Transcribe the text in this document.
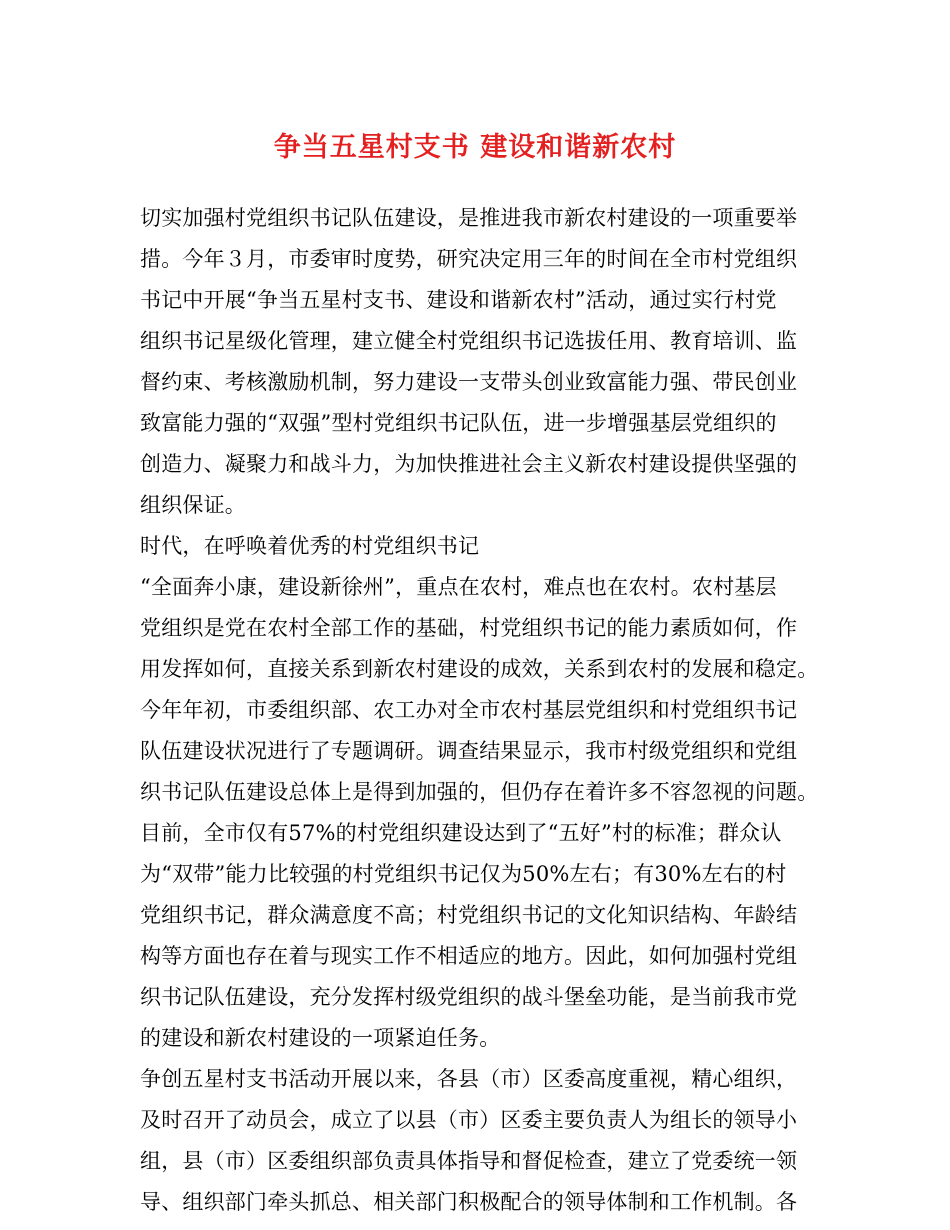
争当五星村支书 建设和谐新农村
切实加强村党组织书记队伍建设，是推进我市新农村建设的一项重要举
措。今年３月，市委审时度势，研究决定用三年的时间在全市村党组织
书记中开展“争当五星村支书、建设和谐新农村”活动，通过实行村党
组织书记星级化管理，建立健全村党组织书记选拔任用、教育培训、监
督约束、考核激励机制，努力建设一支带头创业致富能力强、带民创业
致富能力强的“双强”型村党组织书记队伍，进一步增强基层党组织的
创造力、凝聚力和战斗力，为加快推进社会主义新农村建设提供坚强的
组织保证。
时代，在呼唤着优秀的村党组织书记
“全面奔小康，建设新徐州”，重点在农村，难点也在农村。农村基层
党组织是党在农村全部工作的基础，村党组织书记的能力素质如何，作
用发挥如何，直接关系到新农村建设的成效，关系到农村的发展和稳定。
今年年初，市委组织部、农工办对全市农村基层党组织和村党组织书记
队伍建设状况进行了专题调研。调查结果显示，我市村级党组织和党组
织书记队伍建设总体上是得到加强的，但仍存在着许多不容忽视的问题。
目前，全市仅有57%的村党组织建设达到了“五好”村的标准；群众认
为“双带”能力比较强的村党组织书记仅为50%左右；有30%左右的村
党组织书记，群众满意度不高；村党组织书记的文化知识结构、年龄结
构等方面也存在着与现实工作不相适应的地方。因此，如何加强村党组
织书记队伍建设，充分发挥村级党组织的战斗堡垒功能，是当前我市党
的建设和新农村建设的一项紧迫任务。
争创五星村支书活动开展以来，各县（市）区委高度重视，精心组织，
及时召开了动员会，成立了以县（市）区委主要负责人为组长的领导小
组，县（市）区委组织部负责具体指导和督促检查，建立了党委统一领
导、组织部门牵头抓总、相关部门积极配合的领导体制和工作机制。各
